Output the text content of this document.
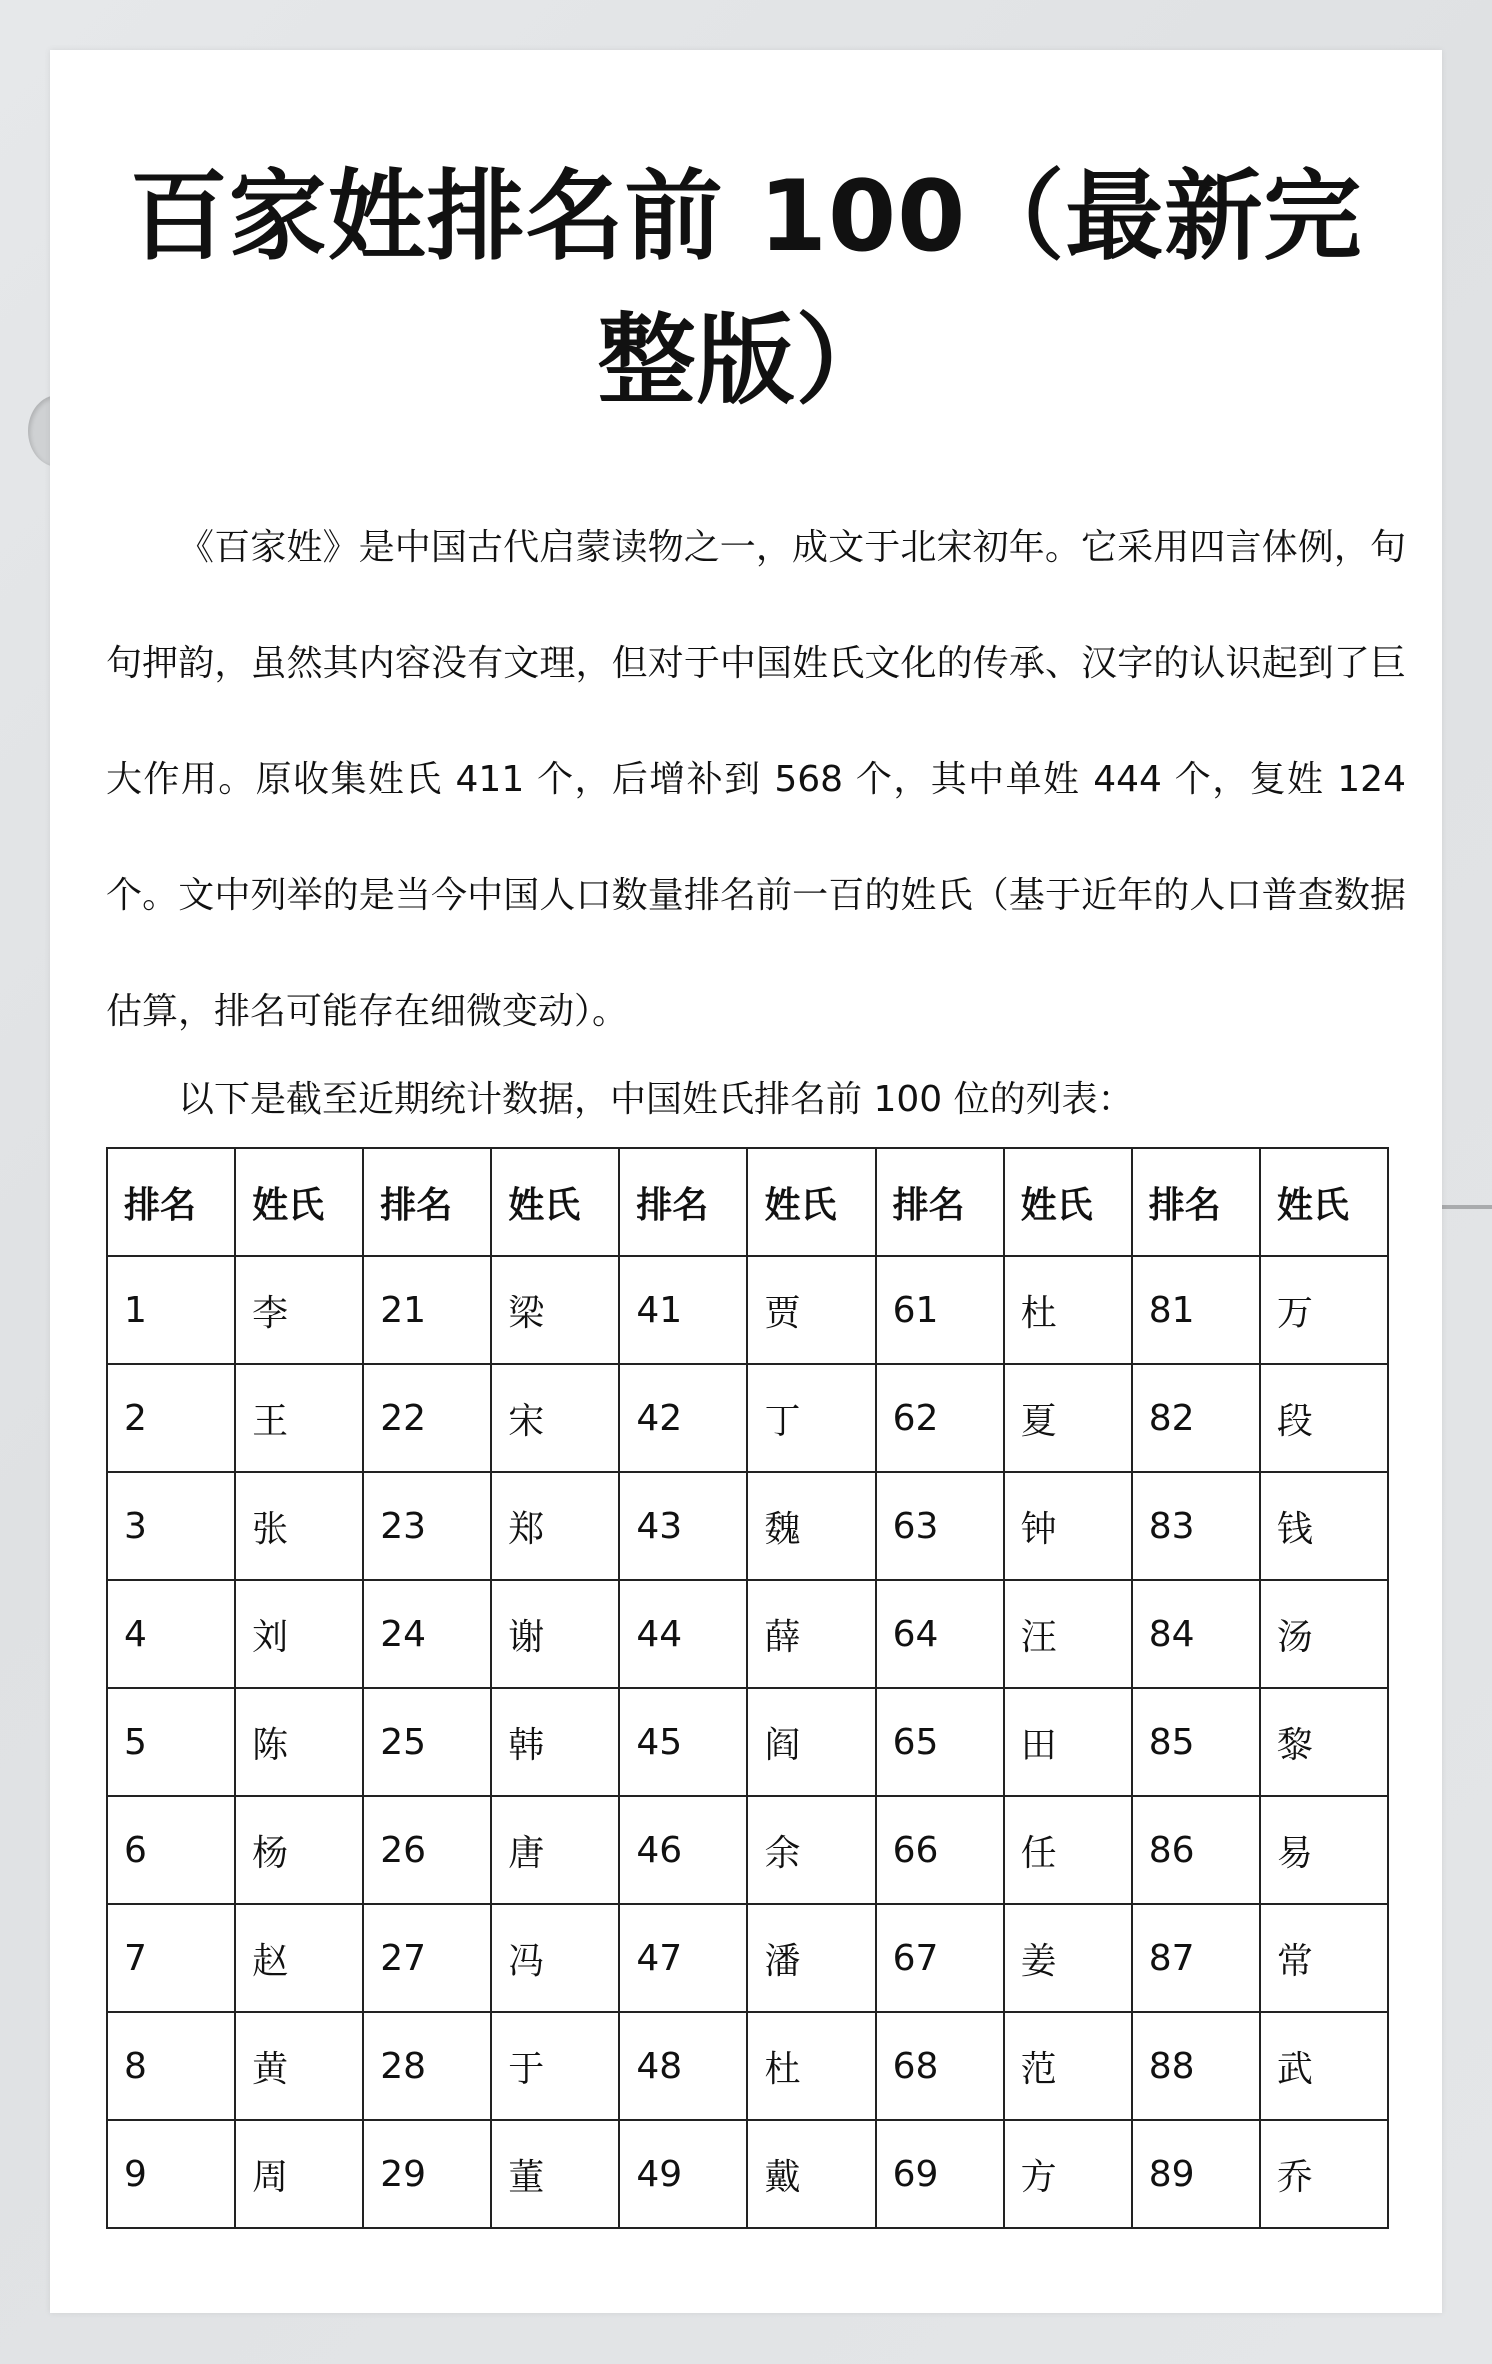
百家姓排名前 100（最新完整版）

《百家姓》是中国古代启蒙读物之一，成文于北宋初年。它采用四言体例，句句押韵，虽然其内容没有文理，但对于中国姓氏文化的传承、汉字的认识起到了巨大作用。原收集姓氏 411 个，后增补到 568 个，其中单姓 444 个，复姓 124 个。文中列举的是当今中国人口数量排名前一百的姓氏（基于近年的人口普查数据估算，排名可能存在细微变动）。

以下是截至近期统计数据，中国姓氏排名前 100 位的列表：

排名	姓氏	排名	姓氏	排名	姓氏	排名	姓氏	排名	姓氏
1	李	21	梁	41	贾	61	杜	81	万
2	王	22	宋	42	丁	62	夏	82	段
3	张	23	郑	43	魏	63	钟	83	钱
4	刘	24	谢	44	薛	64	汪	84	汤
5	陈	25	韩	45	阎	65	田	85	黎
6	杨	26	唐	46	余	66	任	86	易
7	赵	27	冯	47	潘	67	姜	87	常
8	黄	28	于	48	杜	68	范	88	武
9	周	29	董	49	戴	69	方	89	乔
